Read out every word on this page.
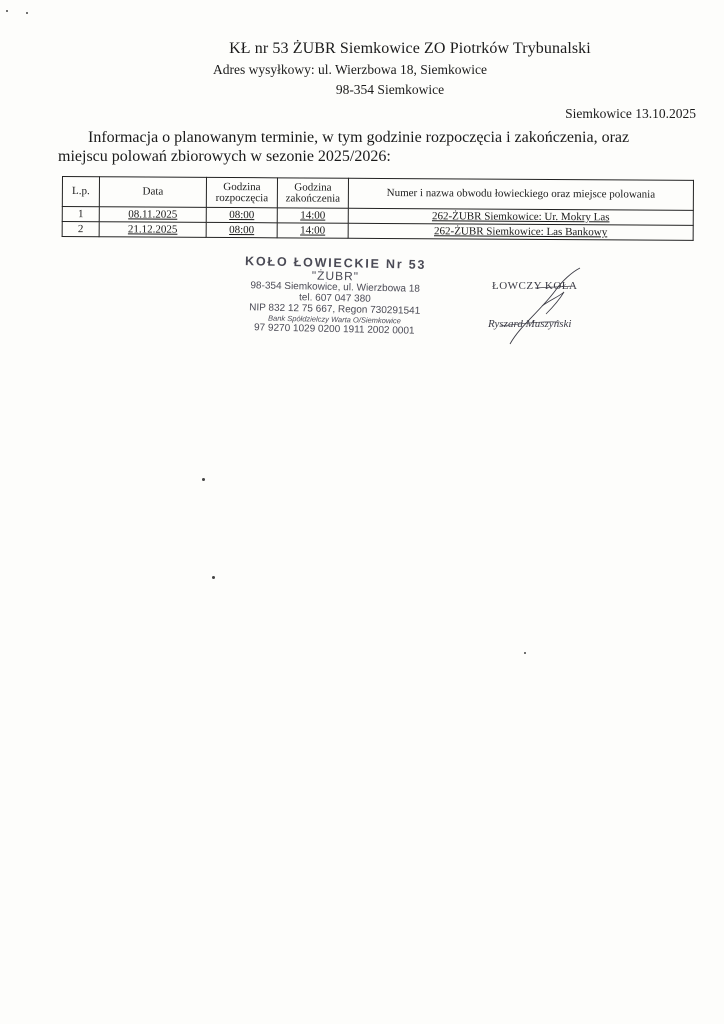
KŁ nr 53 ŻUBR Siemkowice ZO Piotrków Trybunalski
Adres wysyłkowy: ul. Wierzbowa 18, Siemkowice
98-354 Siemkowice
Siemkowice 13.10.2025
Informacja o planowanym terminie, w tym godzinie rozpoczęcia i zakończenia, oraz
miejscu polowań zbiorowych w sezonie 2025/2026:
L.p.	Data	Godzina rozpoczęcia	Godzina zakończenia	Numer i nazwa obwodu łowieckiego oraz miejsce polowania
1	08.11.2025	08:00	14:00	262-ŻUBR Siemkowice: Ur. Mokry Las
2	21.12.2025	08:00	14:00	262-ŻUBR Siemkowice: Las Bankowy
KOŁO ŁOWIECKIE Nr 53
"ŻUBR"
98-354 Siemkowice, ul. Wierzbowa 18
tel. 607 047 380
NIP 832 12 75 667, Regon 730291541
Bank Spółdzielczy Warta O/Siemkowice
97 9270 1029 0200 1911 2002 0001
ŁOWCZY KOŁA
Ryszard Muszyński
